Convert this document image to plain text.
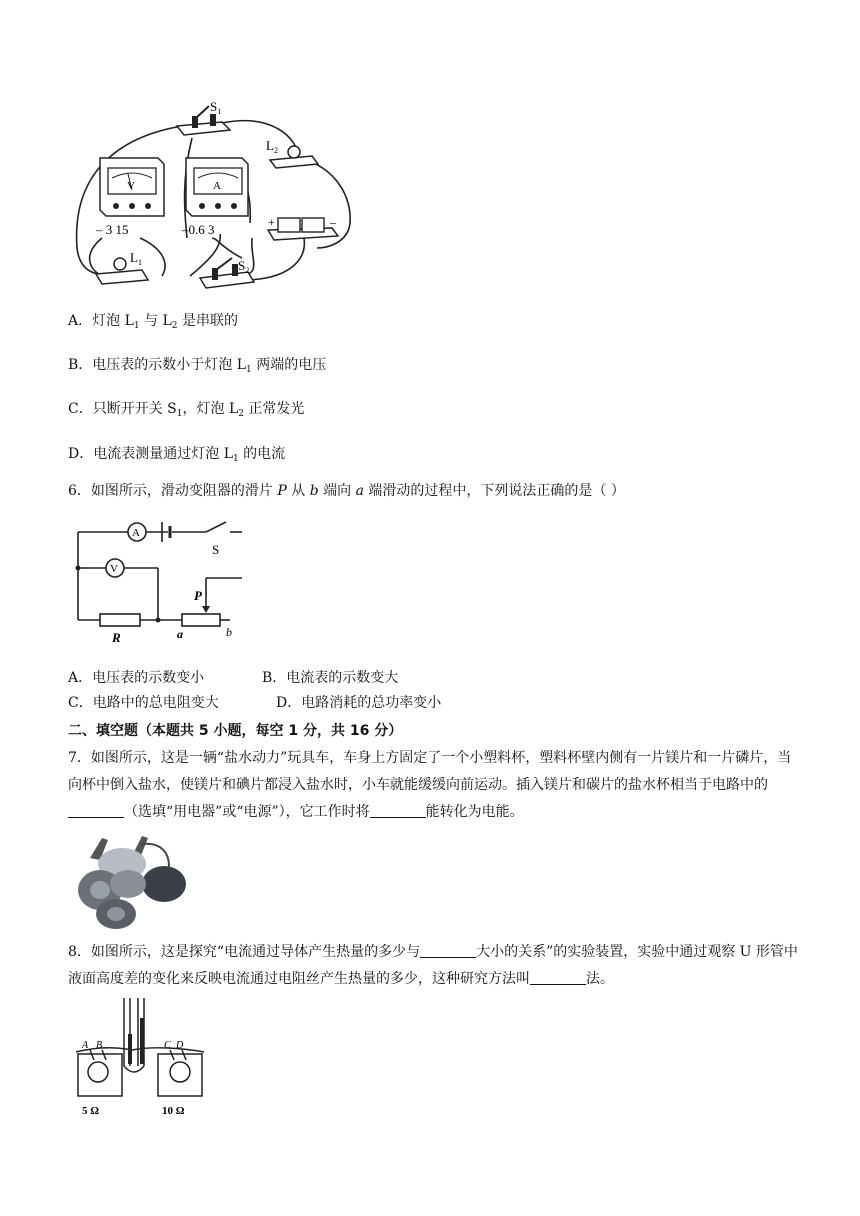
$S_1$
$L_2$
V
– 3 15
A
–0.6 3	+	–
$L_1$	$S_2$
A．灯泡 $L_1$ 与 $L_2$ 是串联的
B．电压表的示数小于灯泡 $L_1$ 两端的电压
C．只断开开关 $S_1$，灯泡 $L_2$ 正常发光
D．电流表测量通过灯泡 $L_1$ 的电流
6．如图所示，滑动变阻器的滑片 P 从 b 端向 a 端滑动的过程中，下列说法正确的是（ ）
A
V
S
R
P
a	b
A．电压表的示数变小	B．电流表的示数变大
C．电路中的总电阻变大	D．电路消耗的总功率变小
二、填空题（本题共 5 小题，每空 1 分，共 16 分）
7．如图所示，这是一辆“盐水动力”玩具车，车身上方固定了一个小塑料杯，塑料杯壁内侧有一片镁片和一片磷片，当向杯中倒入盐水，使镁片和碘片都浸入盐水时，小车就能缓缓向前运动。插入镁片和碳片的盐水杯相当于电路中的（选填“用电器”或“电源”），它工作时将	能转化为电能。
8．如图所示，这是探究“电流通过导体产生热量的多少与	大小的关系”的实验装置，实验中通过观察 U 形管中液面高度差的变化来反映电流通过电阻丝产生热量的多少，这种研究方法叫	法。
A B	C D
5 Ω	10 Ω
